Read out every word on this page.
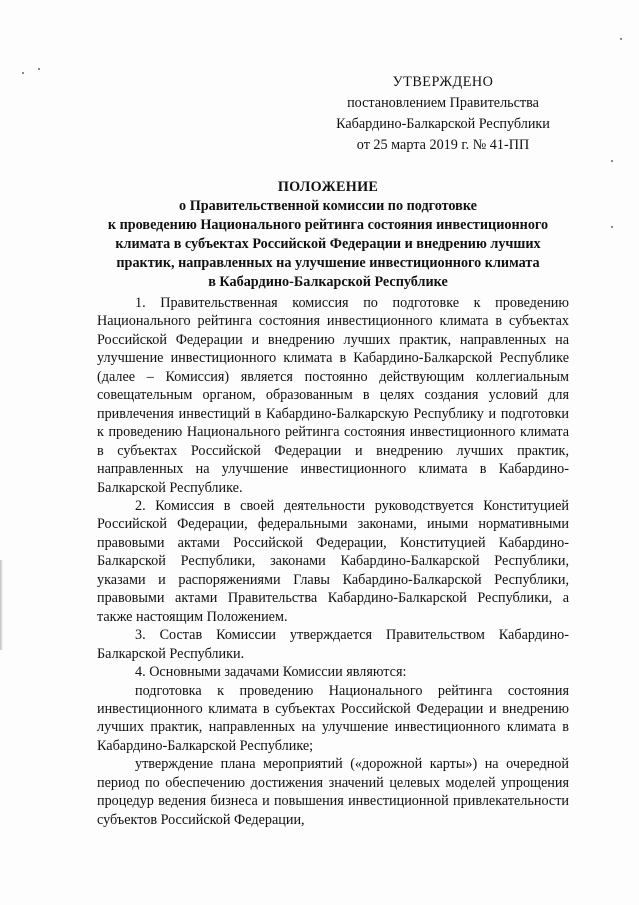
УТВЕРЖДЕНО
постановлением Правительства
Кабардино-Балкарской Республики
от 25 марта 2019 г. № 41-ПП
ПОЛОЖЕНИЕ
о Правительственной комиссии по подготовке
к проведению Национального рейтинга состояния инвестиционного
климата в субъектах Российской Федерации и внедрению лучших
практик, направленных на улучшение инвестиционного климата
в Кабардино-Балкарской Республике

1. Правительственная комиссия по подготовке к проведению Национального рейтинга состояния инвестиционного климата в субъектах Российской Федерации и внедрению лучших практик, направленных на улучшение инвестиционного климата в Кабардино-Балкарской Республике (далее – Комиссия) является постоянно действующим коллегиальным совещательным органом, образованным в целях создания условий для привлечения инвестиций в Кабардино-Балкарскую Республику и подготовки к проведению Национального рейтинга состояния инвестиционного климата в субъектах Российской Федерации и внедрению лучших практик, направленных на улучшение инвестиционного климата в Кабардино-Балкарской Республике.

2. Комиссия в своей деятельности руководствуется Конституцией Российской Федерации, федеральными законами, иными нормативными правовыми актами Российской Федерации, Конституцией Кабардино-Балкарской Республики, законами Кабардино-Балкарской Республики, указами и распоряжениями Главы Кабардино-Балкарской Республики, правовыми актами Правительства Кабардино-Балкарской Республики, а также настоящим Положением.

3. Состав Комиссии утверждается Правительством Кабардино-Балкарской Республики.

4. Основными задачами Комиссии являются:

подготовка к проведению Национального рейтинга состояния инвестиционного климата в субъектах Российской Федерации и внедрению лучших практик, направленных на улучшение инвестиционного климата в Кабардино-Балкарской Республике;

утверждение плана мероприятий («дорожной карты») на очередной период по обеспечению достижения значений целевых моделей упрощения процедур ведения бизнеса и повышения инвестиционной привлекательности субъектов Российской Федерации,
